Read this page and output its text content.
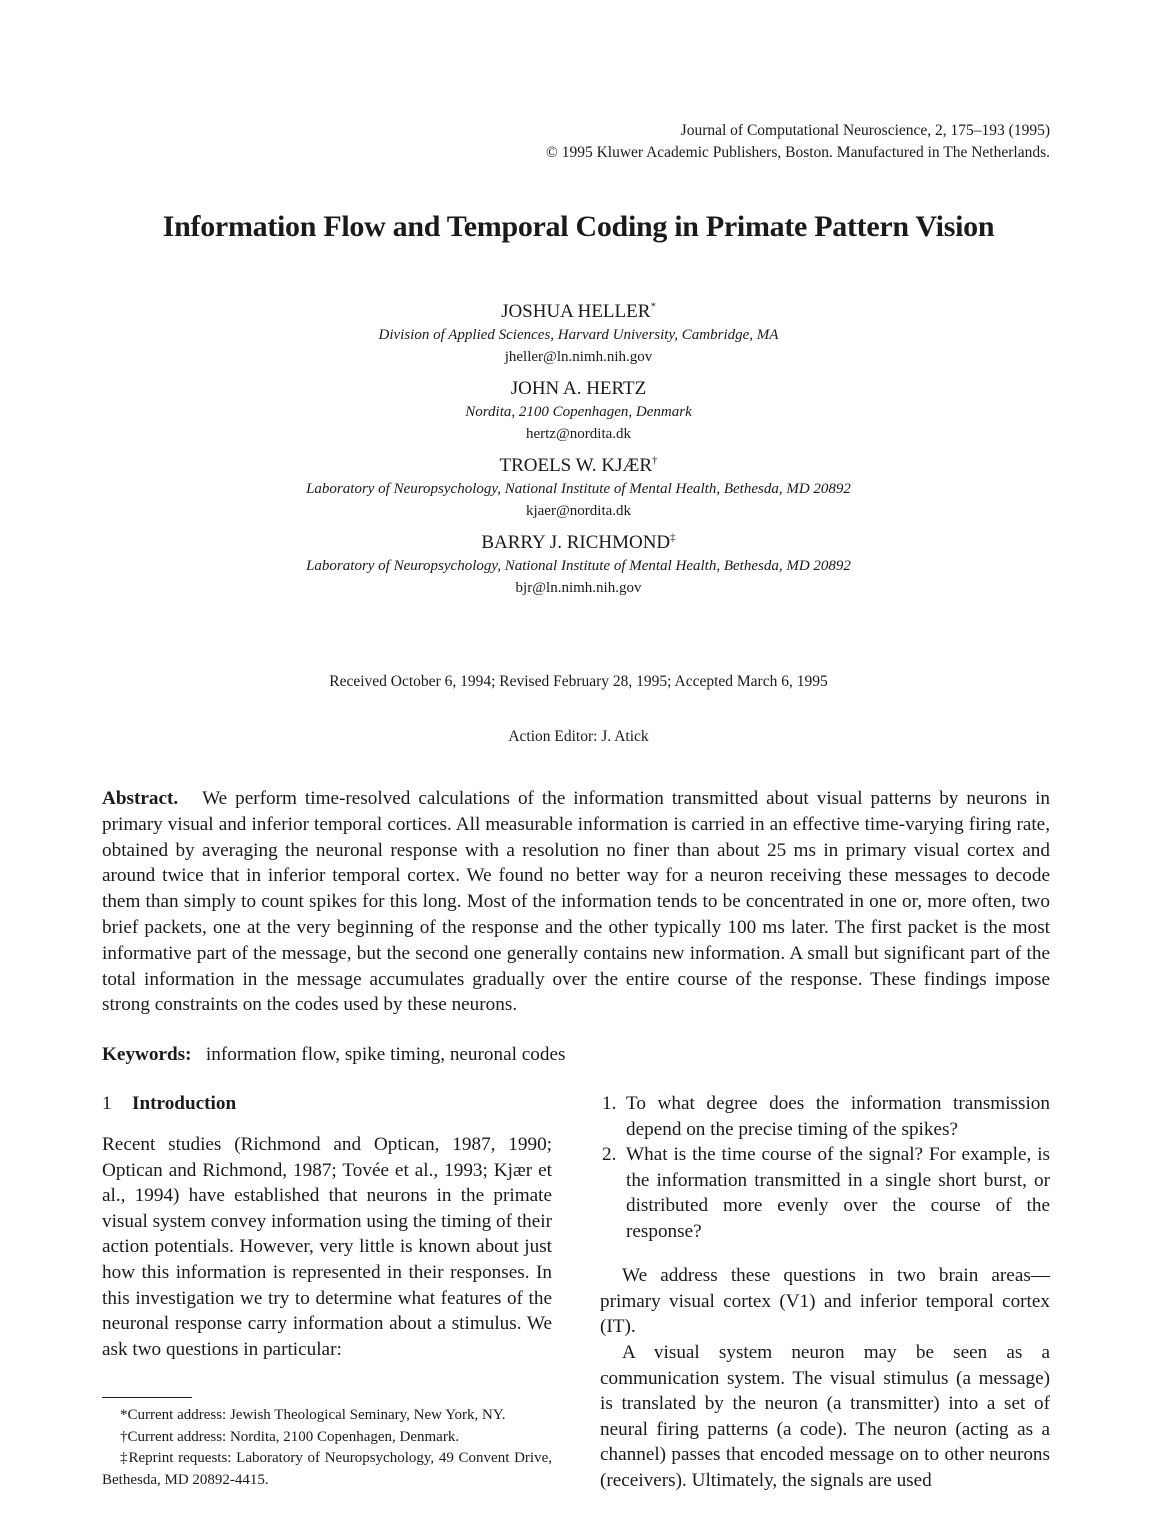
Journal of Computational Neuroscience, 2, 175–193 (1995)
© 1995 Kluwer Academic Publishers, Boston. Manufactured in The Netherlands.
Information Flow and Temporal Coding in Primate Pattern Vision
JOSHUA HELLER*
Division of Applied Sciences, Harvard University, Cambridge, MA
jheller@ln.nimh.nih.gov
JOHN A. HERTZ
Nordita, 2100 Copenhagen, Denmark
hertz@nordita.dk
TROELS W. KJÆR†
Laboratory of Neuropsychology, National Institute of Mental Health, Bethesda, MD 20892
kjaer@nordita.dk
BARRY J. RICHMOND‡
Laboratory of Neuropsychology, National Institute of Mental Health, Bethesda, MD 20892
bjr@ln.nimh.nih.gov
Received October 6, 1994; Revised February 28, 1995; Accepted March 6, 1995
Action Editor: J. Atick
Abstract. We perform time-resolved calculations of the information transmitted about visual patterns by neurons in primary visual and inferior temporal cortices. All measurable information is carried in an effective time-varying firing rate, obtained by averaging the neuronal response with a resolution no finer than about 25 ms in primary visual cortex and around twice that in inferior temporal cortex. We found no better way for a neuron receiving these messages to decode them than simply to count spikes for this long. Most of the information tends to be concentrated in one or, more often, two brief packets, one at the very beginning of the response and the other typically 100 ms later. The first packet is the most informative part of the message, but the second one generally contains new information. A small but significant part of the total information in the message accumulates gradually over the entire course of the response. These findings impose strong constraints on the codes used by these neurons.
Keywords: information flow, spike timing, neuronal codes
1 Introduction
Recent studies (Richmond and Optican, 1987, 1990; Optican and Richmond, 1987; Tovée et al., 1993; Kjær et al., 1994) have established that neurons in the primate visual system convey information using the timing of their action potentials. However, very little is known about just how this information is represented in their responses. In this investigation we try to determine what features of the neuronal response carry information about a stimulus. We ask two questions in particular:
*Current address: Jewish Theological Seminary, New York, NY.
†Current address: Nordita, 2100 Copenhagen, Denmark.
‡Reprint requests: Laboratory of Neuropsychology, 49 Convent Drive, Bethesda, MD 20892-4415.
1. To what degree does the information transmission depend on the precise timing of the spikes?
2. What is the time course of the signal? For example, is the information transmitted in a single short burst, or distributed more evenly over the course of the response?
We address these questions in two brain areas—primary visual cortex (V1) and inferior temporal cortex (IT).
A visual system neuron may be seen as a communication system. The visual stimulus (a message) is translated by the neuron (a transmitter) into a set of neural firing patterns (a code). The neuron (acting as a channel) passes that encoded message on to other neurons (receivers). Ultimately, the signals are used
